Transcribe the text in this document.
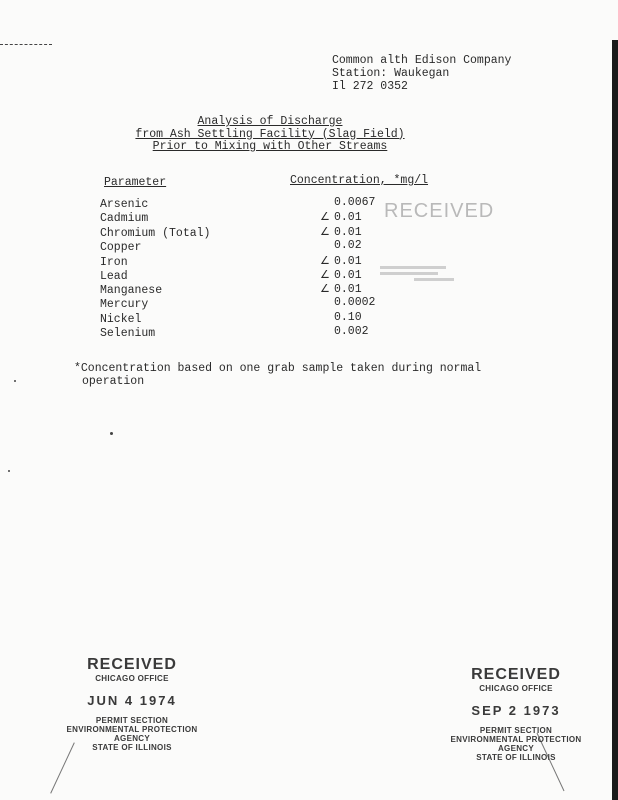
Common alth Edison Company
Station: Waukegan
Il 272 0352
Analysis of Discharge
from Ash Settling Facility (Slag Field)
Prior to Mixing with Other Streams
Parameter	Concentration, *mg/l
Arsenic	0.0067
Cadmium	∠ 0.01
Chromium (Total)	∠ 0.01
Copper	0.02
Iron	∠ 0.01
Lead	∠ 0.01
Manganese	∠ 0.01
Mercury	0.0002
Nickel	0.10
Selenium	0.002
RECEIVED
*Concentration based on one grab sample taken during normal
operation
RECEIVED
CHICAGO OFFICE
JUN 4 1974
PERMIT SECTION
ENVIRONMENTAL PROTECTION AGENCY
STATE OF ILLINOIS
RECEIVED
CHICAGO OFFICE
SEP 2 1973
PERMIT SECTION
ENVIRONMENTAL PROTECTION AGENCY
STATE OF ILLINOIS
